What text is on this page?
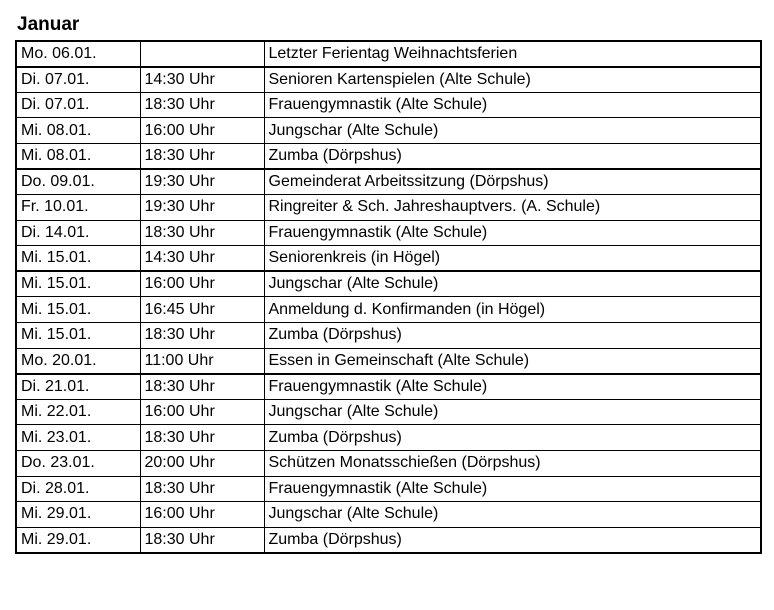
Januar
Mo. 06.01.		Letzter Ferientag Weihnachtsferien
Di. 07.01.	14:30 Uhr	Senioren Kartenspielen (Alte Schule)
Di. 07.01.	18:30 Uhr	Frauengymnastik (Alte Schule)
Mi. 08.01.	16:00 Uhr	Jungschar (Alte Schule)
Mi. 08.01.	18:30 Uhr	Zumba (Dörpshus)
Do. 09.01.	19:30 Uhr	Gemeinderat Arbeitssitzung (Dörpshus)
Fr. 10.01.	19:30 Uhr	Ringreiter & Sch. Jahreshauptvers. (A. Schule)
Di. 14.01.	18:30 Uhr	Frauengymnastik (Alte Schule)
Mi. 15.01.	14:30 Uhr	Seniorenkreis (in Högel)
Mi. 15.01.	16:00 Uhr	Jungschar (Alte Schule)
Mi. 15.01.	16:45 Uhr	Anmeldung d. Konfirmanden (in Högel)
Mi. 15.01.	18:30 Uhr	Zumba (Dörpshus)
Mo. 20.01.	11:00 Uhr	Essen in Gemeinschaft (Alte Schule)
Di. 21.01.	18:30 Uhr	Frauengymnastik (Alte Schule)
Mi. 22.01.	16:00 Uhr	Jungschar (Alte Schule)
Mi. 23.01.	18:30 Uhr	Zumba (Dörpshus)
Do. 23.01.	20:00 Uhr	Schützen Monatsschießen (Dörpshus)
Di. 28.01.	18:30 Uhr	Frauengymnastik (Alte Schule)
Mi. 29.01.	16:00 Uhr	Jungschar (Alte Schule)
Mi. 29.01.	18:30 Uhr	Zumba (Dörpshus)
